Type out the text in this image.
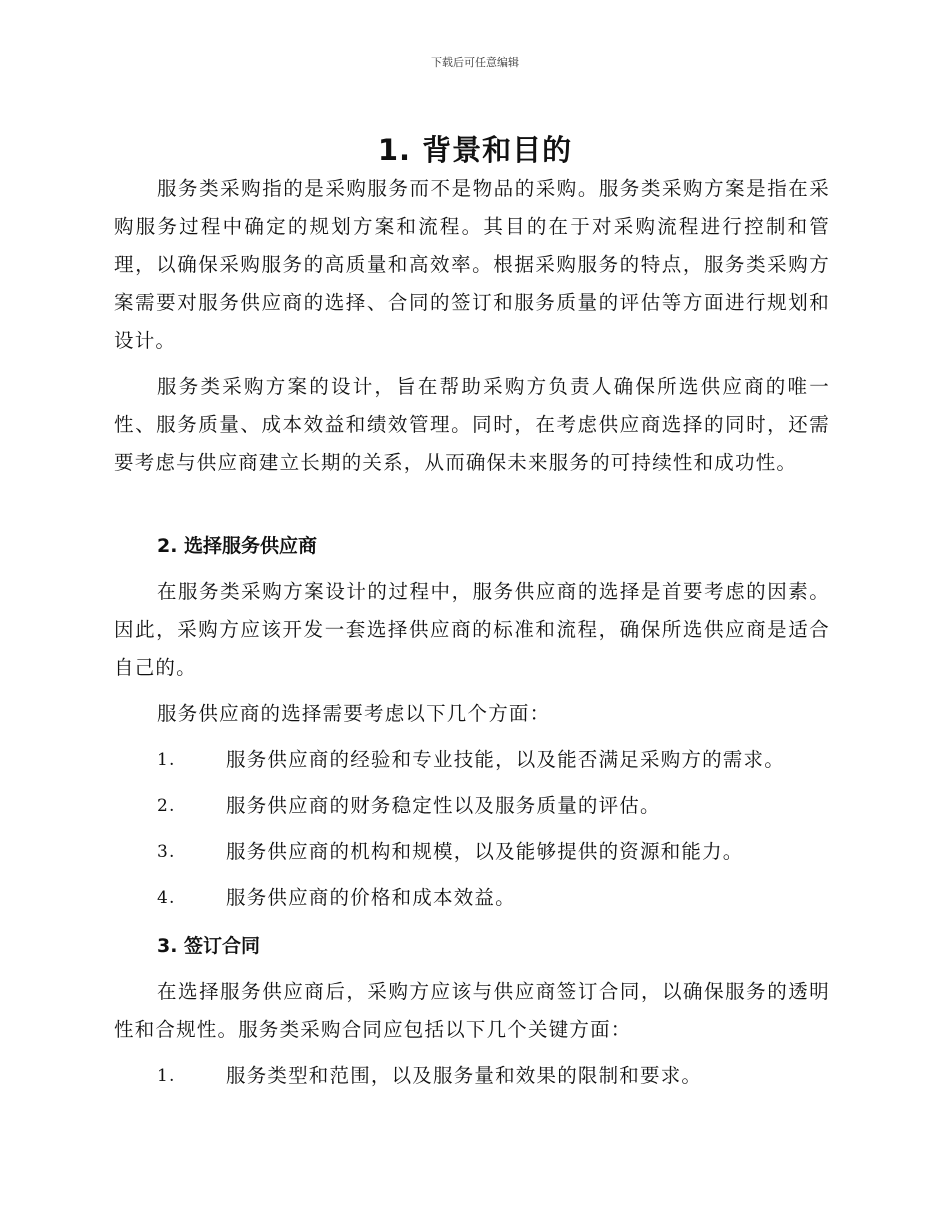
下载后可任意编辑
1. 背景和目的

服务类采购指的是采购服务而不是物品的采购。服务类采购方案是指在采购服务过程中确定的规划方案和流程。其目的在于对采购流程进行控制和管理，以确保采购服务的高质量和高效率。根据采购服务的特点，服务类采购方案需要对服务供应商的选择、合同的签订和服务质量的评估等方面进行规划和设计。

服务类采购方案的设计，旨在帮助采购方负责人确保所选供应商的唯一性、服务质量、成本效益和绩效管理。同时，在考虑供应商选择的同时，还需要考虑与供应商建立长期的关系，从而确保未来服务的可持续性和成功性。

2. 选择服务供应商

在服务类采购方案设计的过程中，服务供应商的选择是首要考虑的因素。因此，采购方应该开发一套选择供应商的标准和流程，确保所选供应商是适合自己的。

服务供应商的选择需要考虑以下几个方面：

1.	服务供应商的经验和专业技能，以及能否满足采购方的需求。
2.	服务供应商的财务稳定性以及服务质量的评估。
3.	服务供应商的机构和规模，以及能够提供的资源和能力。
4.	服务供应商的价格和成本效益。
3. 签订合同

在选择服务供应商后，采购方应该与供应商签订合同，以确保服务的透明性和合规性。服务类采购合同应包括以下几个关键方面：

1.	服务类型和范围，以及服务量和效果的限制和要求。
